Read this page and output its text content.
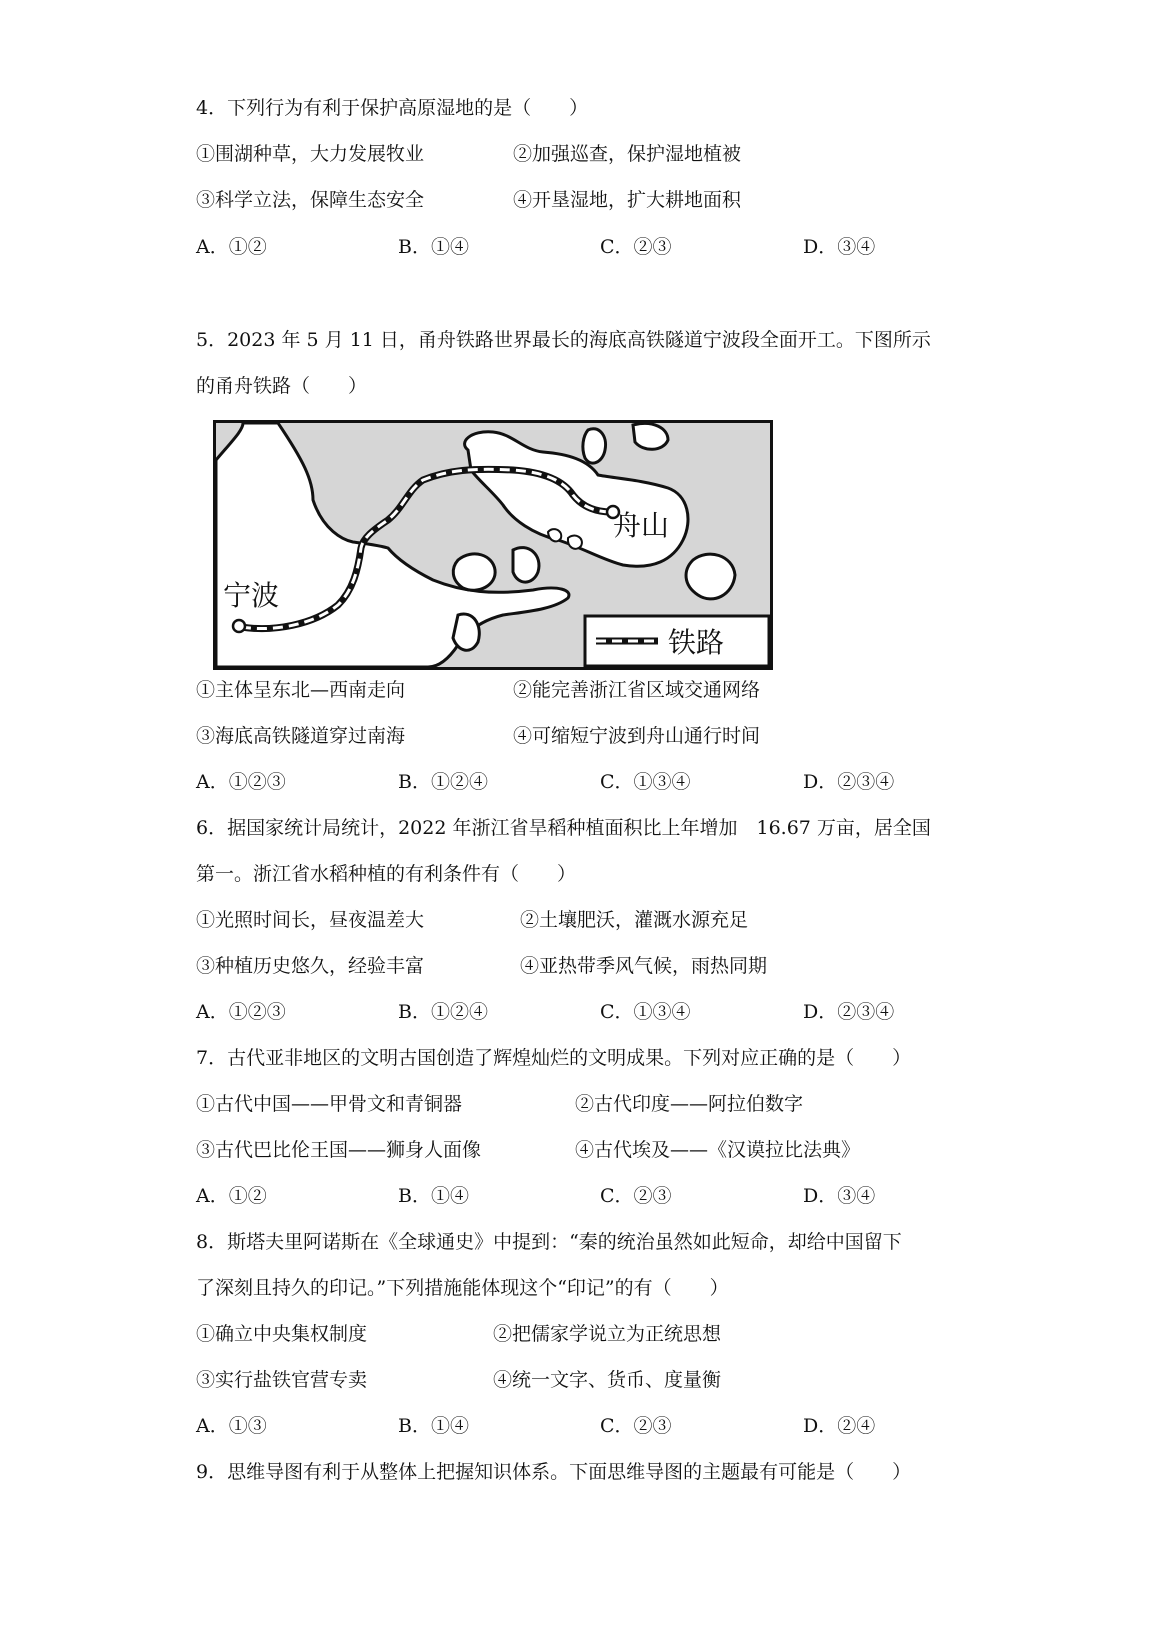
4．下列行为有利于保护高原湿地的是（　　）
①围湖种草，大力发展牧业	②加强巡查，保护湿地植被
③科学立法，保障生态安全	④开垦湿地，扩大耕地面积
A．①②	B．①④	C．②③	D．③④
5．2023 年 5 月 11 日，甬舟铁路世界最长的海底高铁隧道宁波段全面开工。下图所示
的甬舟铁路（　　）
宁波
舟山
铁路
①主体呈东北—西南走向	②能完善浙江省区域交通网络
③海底高铁隧道穿过南海	④可缩短宁波到舟山通行时间
A．①②③	B．①②④	C．①③④	D．②③④
6．据国家统计局统计，2022 年浙江省旱稻种植面积比上年增加　16.67 万亩，居全国
第一。浙江省水稻种植的有利条件有（　　）
①光照时间长，昼夜温差大	②土壤肥沃，灌溉水源充足
③种植历史悠久，经验丰富	④亚热带季风气候，雨热同期
A．①②③	B．①②④	C．①③④	D．②③④
7．古代亚非地区的文明古国创造了辉煌灿烂的文明成果。下列对应正确的是（　　）
①古代中国——甲骨文和青铜器	②古代印度——阿拉伯数字
③古代巴比伦王国——狮身人面像	④古代埃及——《汉谟拉比法典》
A．①②	B．①④	C．②③	D．③④
8．斯塔夫里阿诺斯在《全球通史》中提到：“秦的统治虽然如此短命，却给中国留下
了深刻且持久的印记。”下列措施能体现这个“印记”的有（　　）
①确立中央集权制度	②把儒家学说立为正统思想
③实行盐铁官营专卖	④统一文字、货币、度量衡
A．①③	B．①④	C．②③	D．②④
9．思维导图有利于从整体上把握知识体系。下面思维导图的主题最有可能是（　　）
